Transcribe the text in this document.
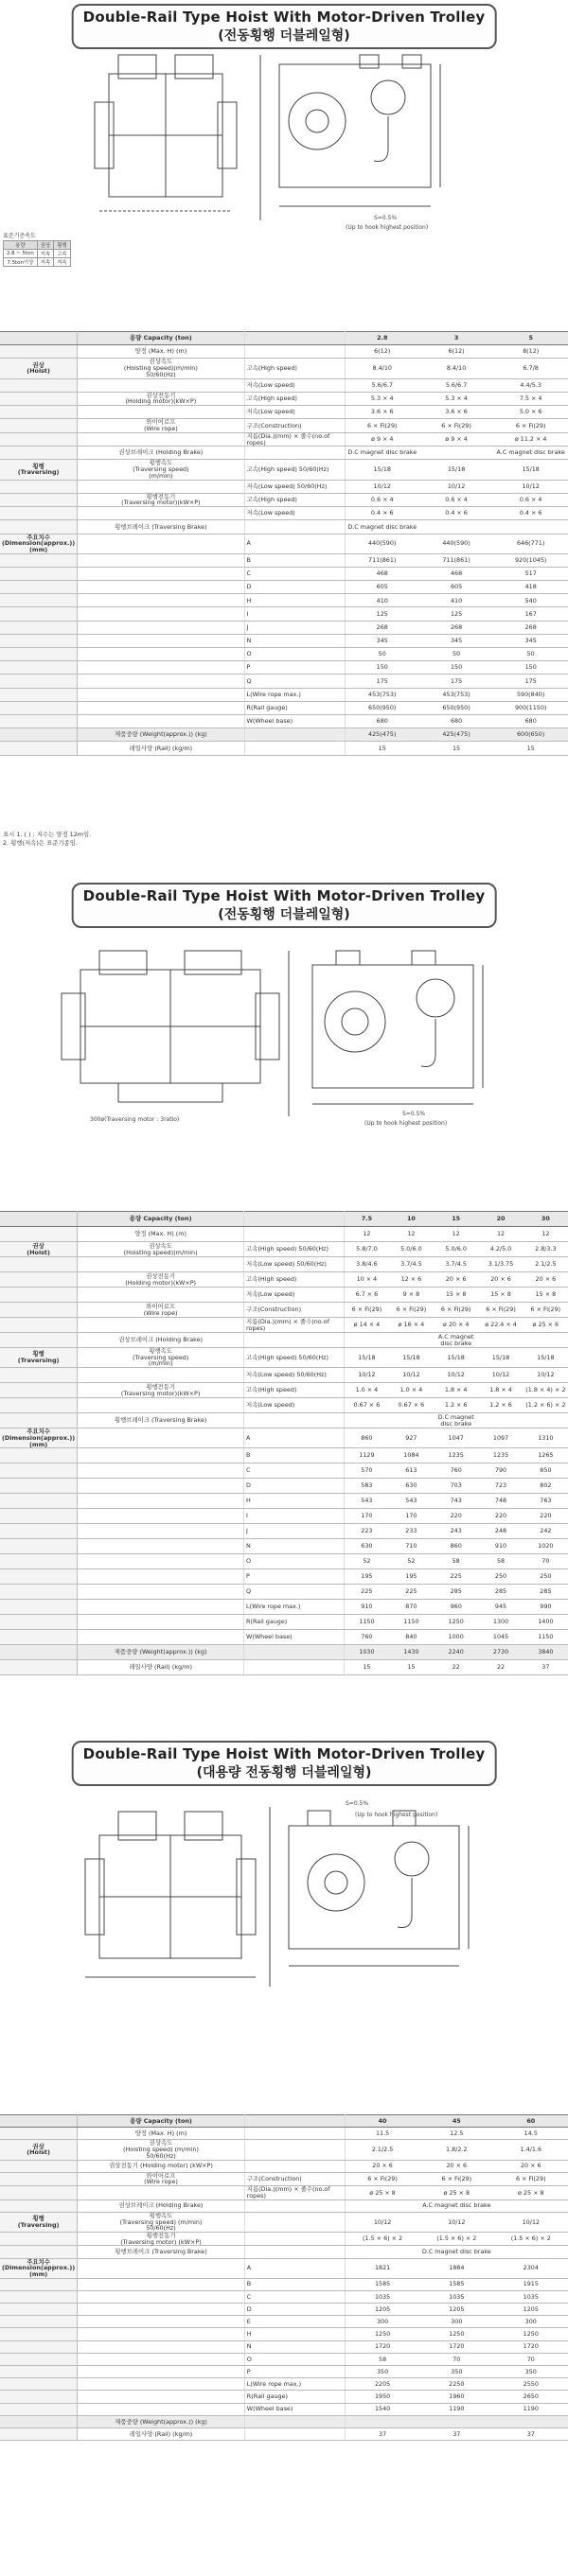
Double-Rail Type Hoist With Motor-Driven Trolley
(전동횡행 더블레일형)
S=0.5%
(Up to hook highest position)
표준기준속도
용량	권상	횡행
2.8 ~ 5ton	저속	고속
7.5ton이상	저속	저속
	용량 Capacity (ton)		2.8	3	5
	양정 (Max. H) (m)		6(12)	6(12)	8(12)
권상
(Hoist)	권상속도
(Hoisting speed)(m/min)
50/60(Hz)	고속(High speed)	8.4/10	8.4/10	6.7/8
		저속(Low speed)	5.6/6.7	5.6/6.7	4.4/5.3
	권상전동기
(Holding motor)(kW×P)	고속(High speed)	5.3 × 4	5.3 × 4	7.5 × 4
		저속(Low speed)	3.6 × 6	3.6 × 6	5.0 × 6
	와이어로프
(Wire rope)	구조(Construction)	6 × Fi(29)	6 × Fi(29)	6 × Fi(29)
		지름(Dia.)(mm) × 줄수(no.of ropes)	ø 9 × 4	ø 9 × 4	ø 11.2 × 4
	권상브레이크 (Holding Brake)		D.C magnet disc brake		A.C magnet disc brake
횡행
(Traversing)	횡행속도
(Traversing speed)
(m/min)	고속(High speed) 50/60(Hz)	15/18	15/18	15/18
		저속(Low speed) 50/60(Hz)	10/12	10/12	10/12
	횡행전동기
(Traversing motor)(kW×P)	고속(High speed)	0.6 × 4	0.6 × 4	0.6 × 4
		저속(Low speed)	0.4 × 6	0.4 × 6	0.4 × 6
	횡행브레이크 (Traversing Brake)		D.C magnet disc brake		
주요치수
(Dimension(approx.)) (mm)		A	440(590)	440(590)	646(771)
		B	711(861)	711(861)	920(1045)
		C	468	468	517
		D	605	605	418
		H	410	410	540
		I	125	125	167
		J	268	268	268
		N	345	345	345
		O	50	50	50
		P	150	150	150
		Q	175	175	175
		L(Wire rope max.)	453(753)	453(753)	590(840)
		R(Rail gauge)	650(950)	650(950)	900(1150)
		W(Wheel base)	680	680	680
	제품중량 (Weight(approx.)) (kg)		425(475)	425(475)	600(650)
	레일사양 (Rail) (kg/m)		15	15	15
표시 1. ( ) : 지수는 양정 12m임.
2. 횡행(저속)은 표준기종임.
Double-Rail Type Hoist With Motor-Driven Trolley
(전동횡행 더블레일형)
300ø(Traversing motor : 3ratio)
S=0.5%
(Up to hook highest position)
	용량 Capacity (ton)		7.5	10	15	20	30
	양정 (Max. H) (m)		12	12	12	12	12
권상
(Hoist)	권상속도
(Hoisting speed)(m/min)	고속(High speed) 50/60(Hz)	5.8/7.0	5.0/6.0	5.0/6.0	4.2/5.0	2.8/3.3
		저속(Low speed) 50/60(Hz)	3.8/4.6	3.7/4.5	3.7/4.5	3.1/3.75	2.1/2.5
	권상전동기
(Holding motor)(kW×P)	고속(High speed)	10 × 4	12 × 6	20 × 6	20 × 6	20 × 6
		저속(Low speed)	6.7 × 6	9 × 8	15 × 8	15 × 8	15 × 8
	와이어로프
(Wire rope)	구조(Construction)	6 × Fi(29)	6 × Fi(29)	6 × Fi(29)	6 × Fi(29)	6 × Fi(29)
		지름(Dia.)(mm) × 줄수(no.of ropes)	ø 14 × 4	ø 16 × 4	ø 20 × 4	ø 22.4 × 4	ø 25 × 6
	권상브레이크 (Holding Brake)				A.C magnet disc brake		
횡행
(Traversing)	횡행속도
(Traversing speed)
(m/min)	고속(High speed) 50/60(Hz)	15/18	15/18	15/18	15/18	15/18
		저속(Low speed) 50/60(Hz)	10/12	10/12	10/12	10/12	10/12
	횡행전동기
(Traversing motor)(kW×P)	고속(High speed)	1.0 × 4	1.0 × 4	1.8 × 4	1.8 × 4	(1.8 × 4) × 2
		저속(Low speed)	0.67 × 6	0.67 × 6	1.2 × 6	1.2 × 6	(1.2 × 6) × 2
	횡행브레이크 (Traversing Brake)				D.C magnet disc brake		
주요치수
(Dimension(approx.)) (mm)		A	860	927	1047	1097	1310
		B	1129	1084	1235	1235	1265
		C	570	613	760	790	850
		D	583	630	703	723	802
		H	543	543	743	748	763
		I	170	170	220	220	220
		J	223	233	243	248	242
		N	630	710	860	910	1020
		O	52	52	58	58	70
		P	195	195	225	250	250
		Q	225	225	285	285	285
		L(Wire rope max.)	910	870	960	945	990
		R(Rail gauge)	1150	1150	1250	1300	1400
		W(Wheel base)	760	840	1000	1045	1150
	제품중량 (Weight(approx.)) (kg)		1030	1430	2240	2730	3840
	레일사양 (Rail) (kg/m)		15	15	22	22	37
Double-Rail Type Hoist With Motor-Driven Trolley
(대용량 전동횡행 더블레일형)
S=0.5%
(Up to hook highest position)
	용량 Capacity (ton)		40	45	60
	양정 (Max. H) (m)		11.5	12.5	14.5
권상
(Hoist)	권상속도
(Hoisting speed) (m/min)
50/60(Hz)		2.1/2.5	1.8/2.2	1.4/1.6
	권상전동기 (Holding motor) (kW×P)		20 × 6	20 × 6	20 × 6
	와이어로프
(Wire rope)	구조(Construction)	6 × Fi(29)	6 × Fi(29)	6 × Fi(29)
		지름(Dia.)(mm) × 줄수(no.of ropes)	ø 25 × 8	ø 25 × 8	ø 25 × 8
	권상브레이크 (Holding Brake)			A.C magnet disc brake	
횡행
(Traversing)	횡행속도
(Traversing speed) (m/min)
50/60(Hz)		10/12	10/12	10/12
	횡행전동기
(Traversing motor) (kW×P)		(1.5 × 6) × 2	(1.5 × 6) × 2	(1.5 × 6) × 2
	횡행브레이크 (Traversing Brake)			D.C magnet disc brake	
주요치수
(Dimension(approx.)) (mm)		A	1821	1884	2304
		B	1585	1585	1915
		C	1035	1035	1035
		D	1205	1205	1205
		E	300	300	300
		H	1250	1250	1250
		N	1720	1720	1720
		O	58	70	70
		P	350	350	350
		L(Wire rope max.)	2205	2250	2550
		R(Rail gauge)	1950	1960	2650
		W(Wheel base)	1540	1190	1190
	제품중량 (Weight(approx.)) (kg)				
	레일사양 (Rail) (kg/m)		37	37	37
